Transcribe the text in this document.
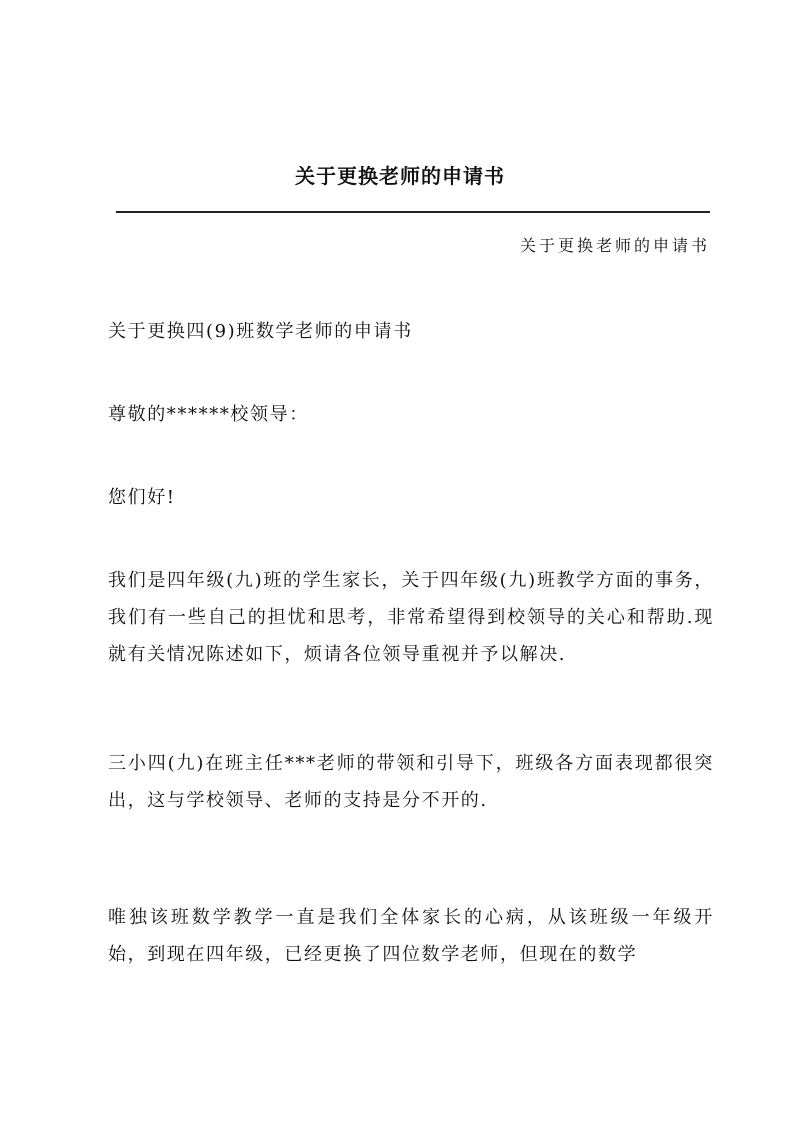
关于更换老师的申请书
关于更换老师的申请书

关于更换四(9)班数学老师的申请书

尊敬的******校领导：

您们好!

我们是四年级(九)班的学生家长，关于四年级(九)班教学方面的事务，我们有一些自己的担忧和思考，非常希望得到校领导的关心和帮助.现就有关情况陈述如下，烦请各位领导重视并予以解决.

三小四(九)在班主任***老师的带领和引导下，班级各方面表现都很突出，这与学校领导、老师的支持是分不开的.

唯独该班数学教学一直是我们全体家长的心病，从该班级一年级开始，到现在四年级，已经更换了四位数学老师，但现在的数学
